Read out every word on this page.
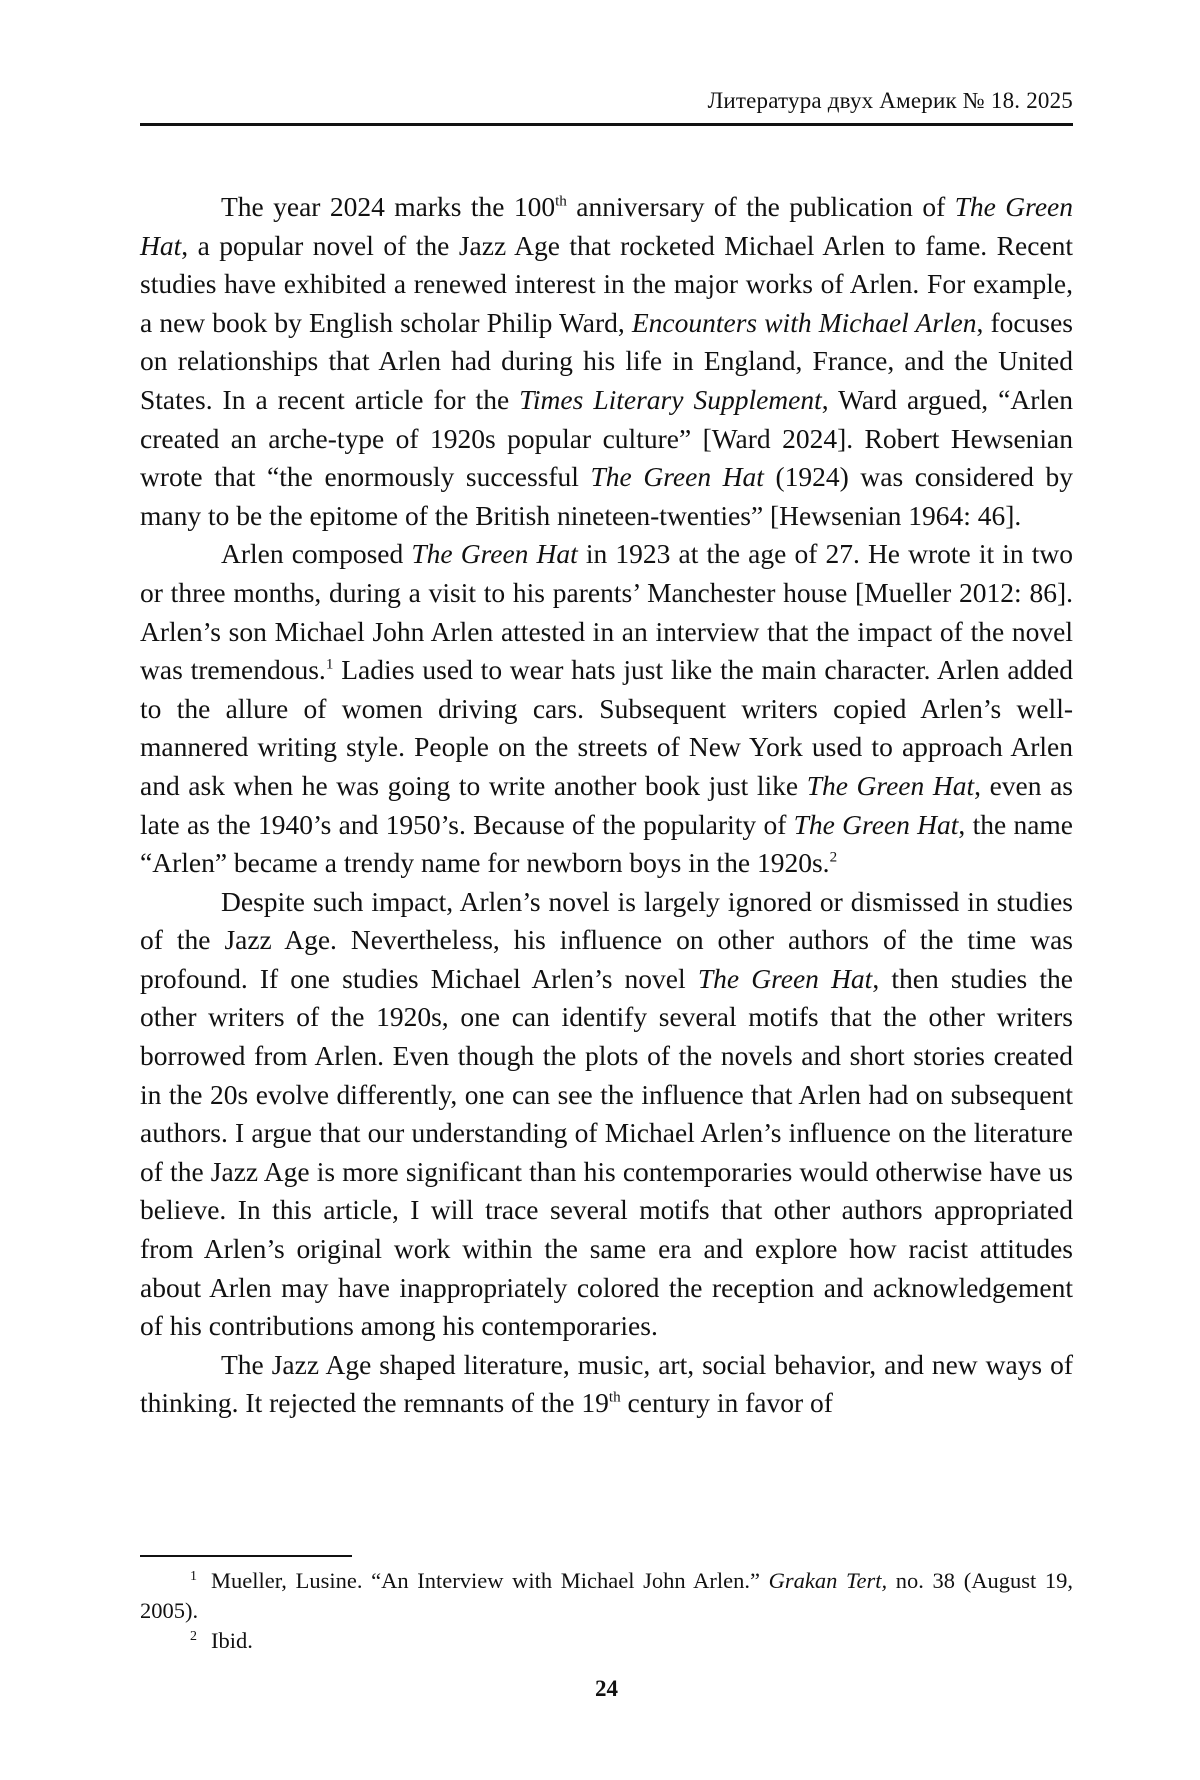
Литература двух Америк № 18. 2025

The year 2024 marks the 100th anniversary of the publication of The Green Hat, a popular novel of the Jazz Age that rocketed Michael Arlen to fame. Recent studies have exhibited a renewed interest in the major works of Arlen. For example, a new book by English scholar Philip Ward, Encounters with Michael Arlen, focuses on relationships that Arlen had during his life in England, France, and the United States. In a recent article for the Times Literary Supplement, Ward argued, “Arlen created an arche-type of 1920s popular culture” [Ward 2024]. Robert Hewsenian wrote that “the enormously successful The Green Hat (1924) was considered by many to be the epitome of the British nineteen-twenties” [Hewsenian 1964: 46].

Arlen composed The Green Hat in 1923 at the age of 27. He wrote it in two or three months, during a visit to his parents’ Manchester house [Mueller 2012: 86]. Arlen’s son Michael John Arlen attested in an interview that the impact of the novel was tremendous.$^1$ Ladies used to wear hats just like the main character. Arlen added to the allure of women driving cars. Subsequent writers copied Arlen’s well-mannered writing style. People on the streets of New York used to approach Arlen and ask when he was going to write another book just like The Green Hat, even as late as the 1940’s and 1950’s. Because of the popularity of The Green Hat, the name “Arlen” became a trendy name for newborn boys in the 1920s.$^2$

Despite such impact, Arlen’s novel is largely ignored or dismissed in studies of the Jazz Age. Nevertheless, his influence on other authors of the time was profound. If one studies Michael Arlen’s novel The Green Hat, then studies the other writers of the 1920s, one can identify several motifs that the other writers borrowed from Arlen. Even though the plots of the novels and short stories created in the 20s evolve differently, one can see the influence that Arlen had on subsequent authors. I argue that our understanding of Michael Arlen’s influence on the literature of the Jazz Age is more significant than his contemporaries would otherwise have us believe. In this article, I will trace several motifs that other authors appropriated from Arlen’s original work within the same era and explore how racist attitudes about Arlen may have inappropriately colored the reception and acknowledgement of his contributions among his contemporaries.

The Jazz Age shaped literature, music, art, social behavior, and new ways of thinking. It rejected the remnants of the 19th century in favor of

$^1$ Mueller, Lusine. “An Interview with Michael John Arlen.” Grakan Tert, no. 38 (August 19, 2005).

$^2$ Ibid.

24
